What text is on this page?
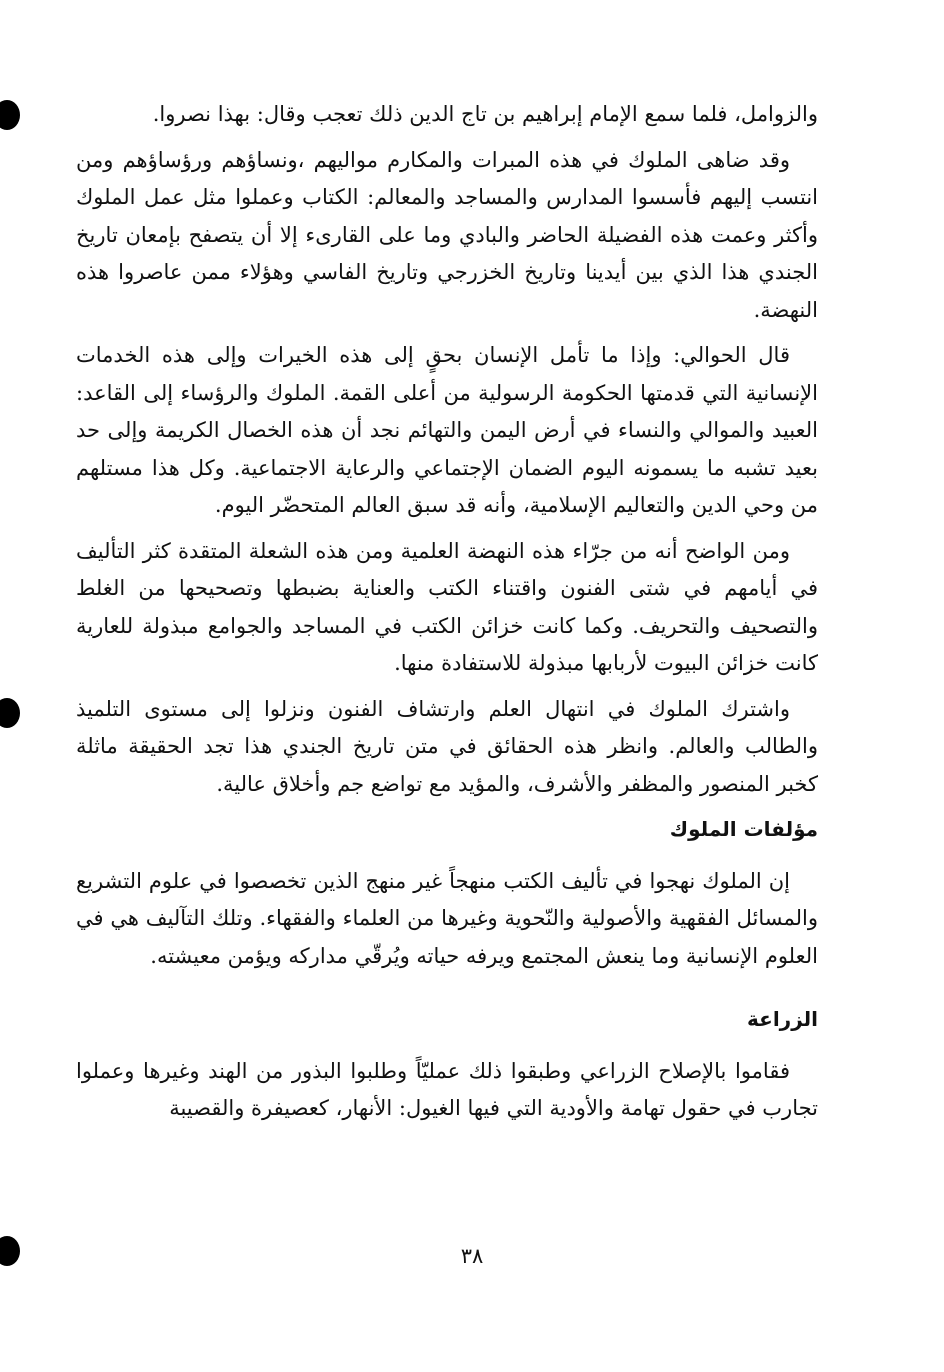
والزوامل، فلما سمع الإمام إبراهيم بن تاج الدين ذلك تعجب وقال: بهذا نصروا.

وقد ضاهى الملوك في هذه المبرات والمكارم مواليهم ،ونساؤهم ورؤساؤهم ومن انتسب إليهم فأسسوا المدارس والمساجد والمعالم: الكتاب وعملوا مثل عمل الملوك وأكثر وعمت هذه الفضيلة الحاضر والبادي وما على القارىء إلا أن يتصفح بإمعان تاريخ الجندي هذا الذي بين أيدينا وتاريخ الخزرجي وتاريخ الفاسي وهؤلاء ممن عاصروا هذه النهضة.

قال الحوالي: وإذا ما تأمل الإنسان بحقٍ إلى هذه الخيرات وإلى هذه الخدمات الإنسانية التي قدمتها الحكومة الرسولية من أعلى القمة. الملوك والرؤساء إلى القاعد: العبيد والموالي والنساء في أرض اليمن والتهائم نجد أن هذه الخصال الكريمة وإلى حد بعيد تشبه ما يسمونه اليوم الضمان الإجتماعي والرعاية الاجتماعية. وكل هذا مستلهم من وحي الدين والتعاليم الإسلامية، وأنه قد سبق العالم المتحضّر اليوم.

ومن الواضح أنه من جرّاء هذه النهضة العلمية ومن هذه الشعلة المتقدة كثر التأليف في أيامهم في شتى الفنون واقتناء الكتب والعناية بضبطها وتصحيحها من الغلط والتصحيف والتحريف. وكما كانت خزائن الكتب في المساجد والجوامع مبذولة للعارية كانت خزائن البيوت لأربابها مبذولة للاستفادة منها.

واشترك الملوك في انتهال العلم وارتشاف الفنون ونزلوا إلى مستوى التلميذ والطالب والعالم. وانظر هذه الحقائق في متن تاريخ الجندي هذا تجد الحقيقة ماثلة كخبر المنصور والمظفر والأشرف، والمؤيد مع تواضع جم وأخلاق عالية.

مؤلفات الملوك

إن الملوك نهجوا في تأليف الكتب منهجاً غير منهج الذين تخصصوا في علوم التشريع والمسائل الفقهية والأصولية والنّحوية وغيرها من العلماء والفقهاء. وتلك التآليف هي في العلوم الإنسانية وما ينعش المجتمع ويرفه حياته ويُرقّي مداركه ويؤمن معيشته.

الزراعة

فقاموا بالإصلاح الزراعي وطبقوا ذلك عمليّاً وطلبوا البذور من الهند وغيرها وعملوا تجارب في حقول تهامة والأودية التي فيها الغيول: الأنهار، كعصيفرة والقصيبة

٣٨
